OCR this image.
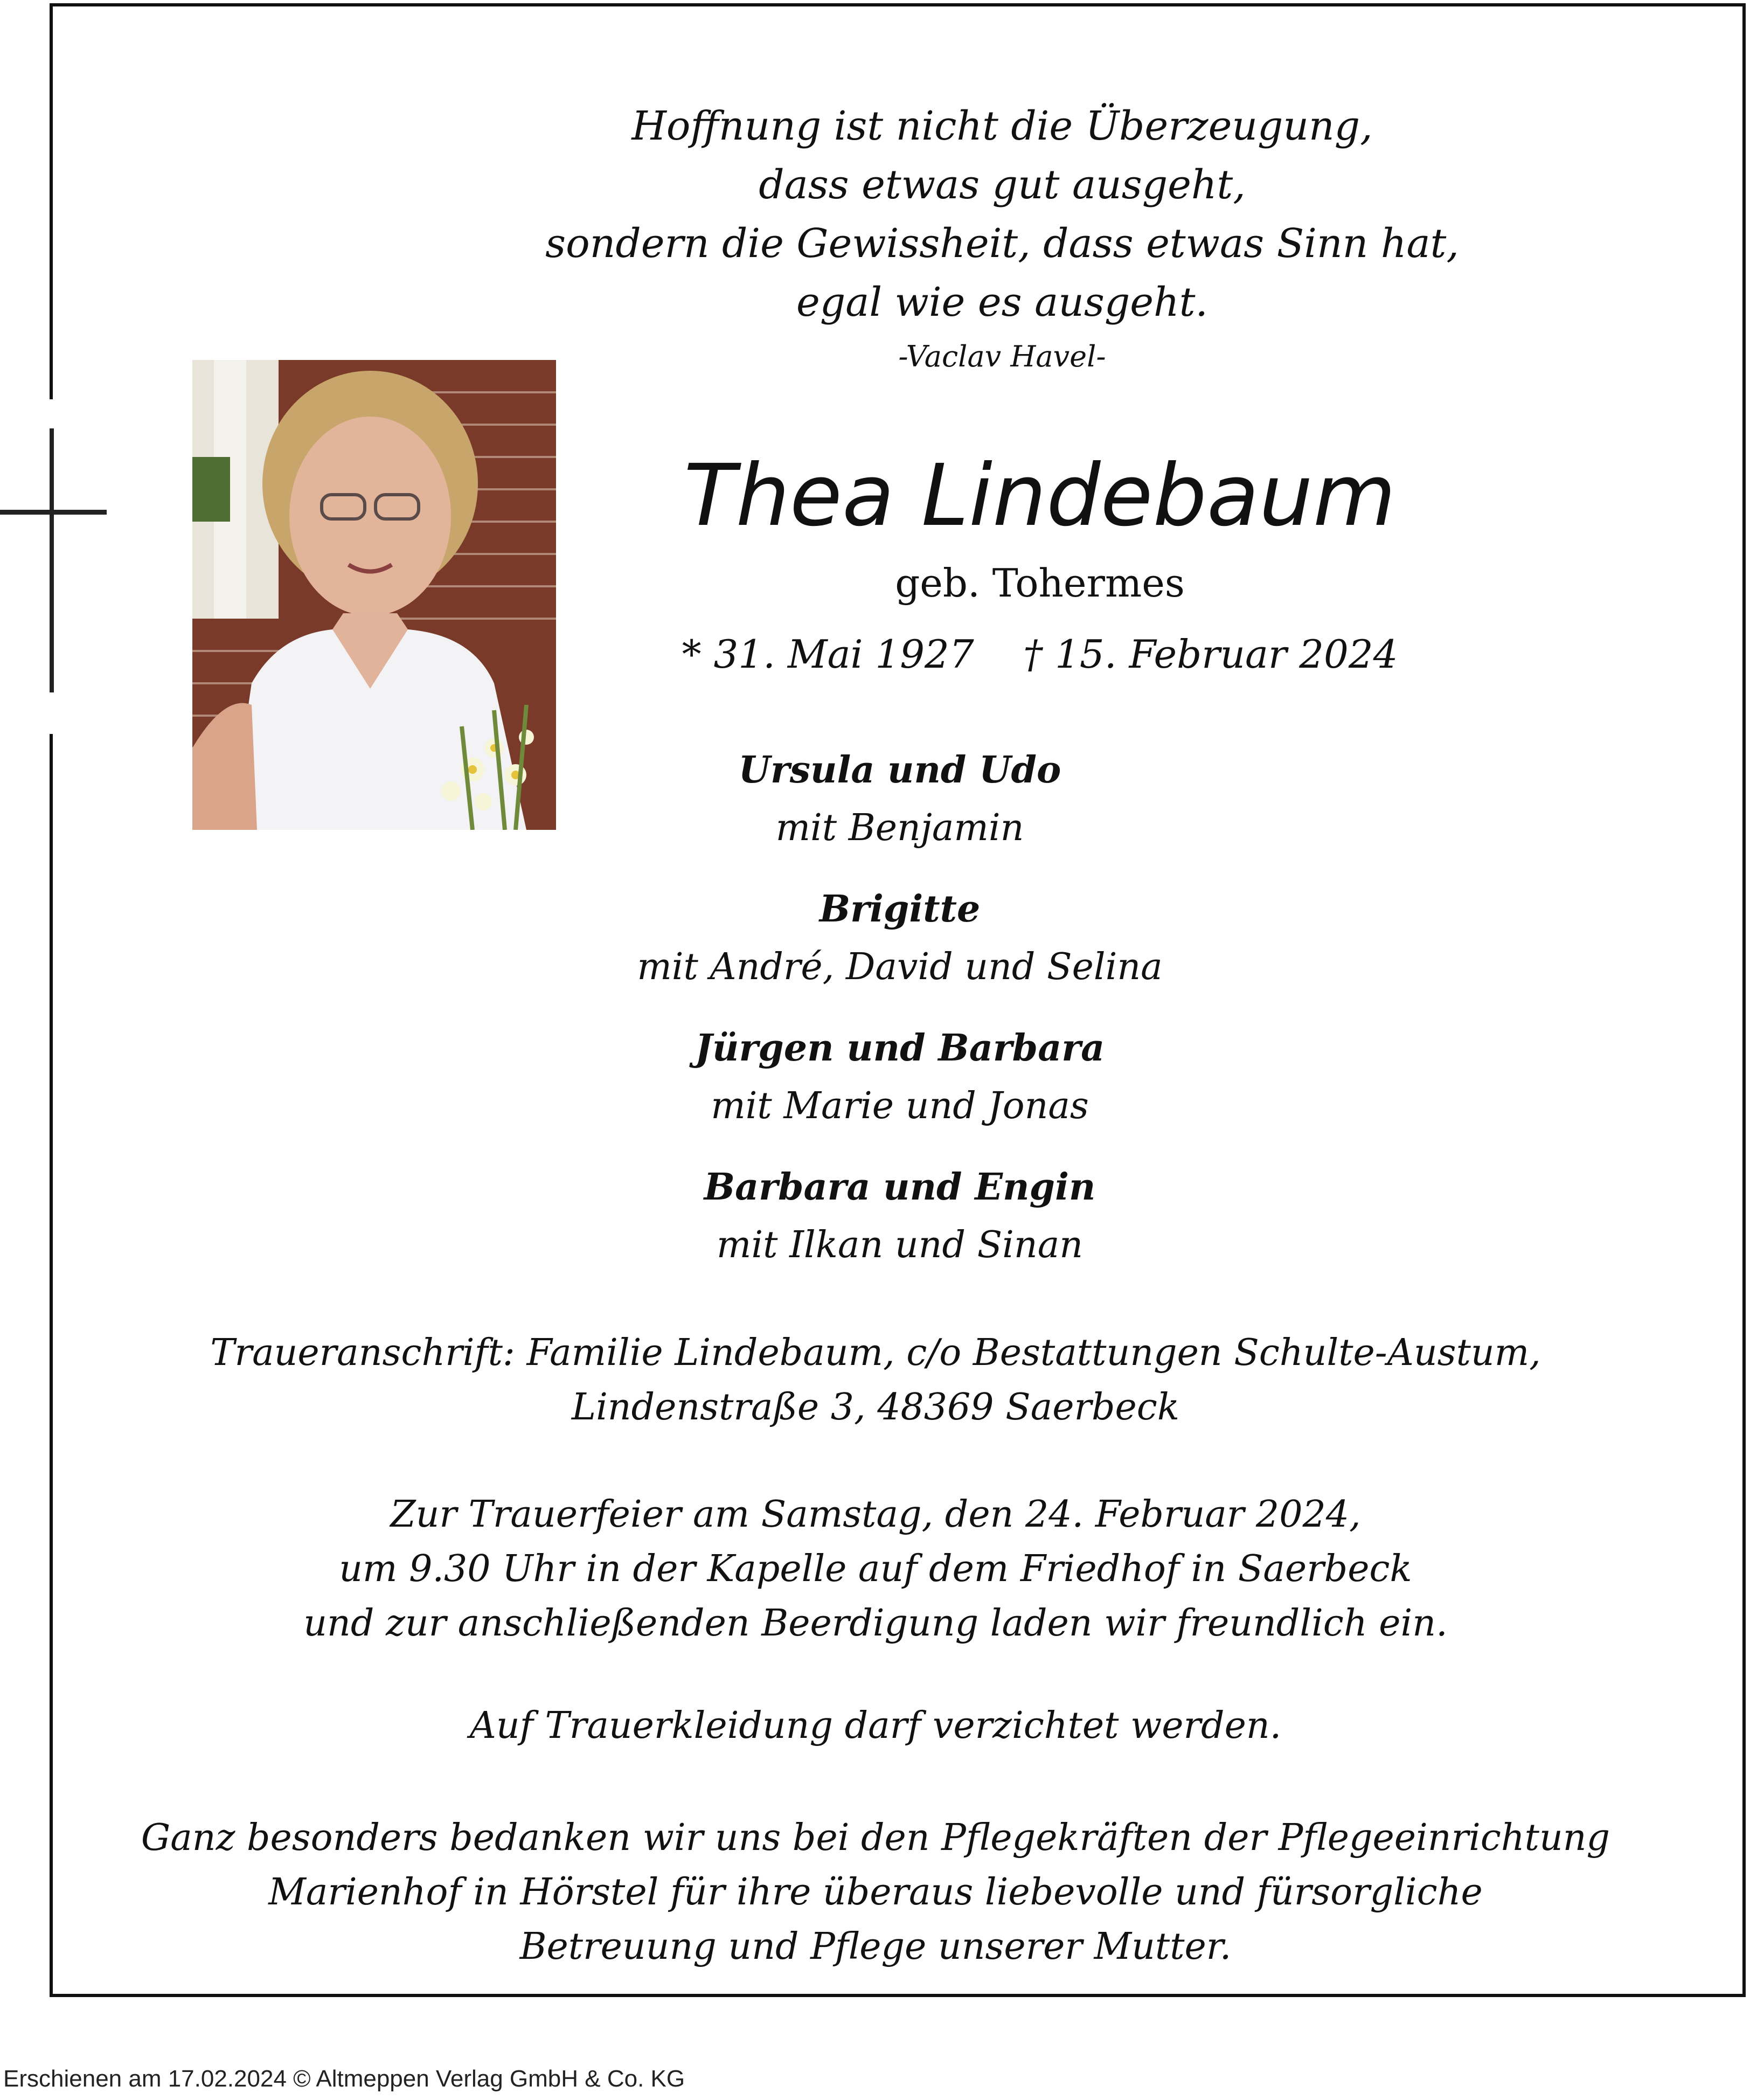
Hoffnung ist nicht die Überzeugung,
dass etwas gut ausgeht,
sondern die Gewissheit, dass etwas Sinn hat,
egal wie es ausgeht.
-Vaclav Havel-
Thea Lindebaum
geb. Tohermes
* 31. Mai 1927    † 15. Februar 2024
Ursula und Udo
mit Benjamin
Brigitte
mit André, David und Selina
Jürgen und Barbara
mit Marie und Jonas
Barbara und Engin
mit Ilkan und Sinan
Traueranschrift: Familie Lindebaum, c/o Bestattungen Schulte-Austum,
Lindenstraße 3, 48369 Saerbeck
Zur Trauerfeier am Samstag, den 24. Februar 2024,
um 9.30 Uhr in der Kapelle auf dem Friedhof in Saerbeck
und zur anschließenden Beerdigung laden wir freundlich ein.
Auf Trauerkleidung darf verzichtet werden.
Ganz besonders bedanken wir uns bei den Pflegekräften der Pflegeeinrichtung
Marienhof in Hörstel für ihre überaus liebevolle und fürsorgliche
Betreuung und Pflege unserer Mutter.
Erschienen am 17.02.2024 © Altmeppen Verlag GmbH & Co. KG
